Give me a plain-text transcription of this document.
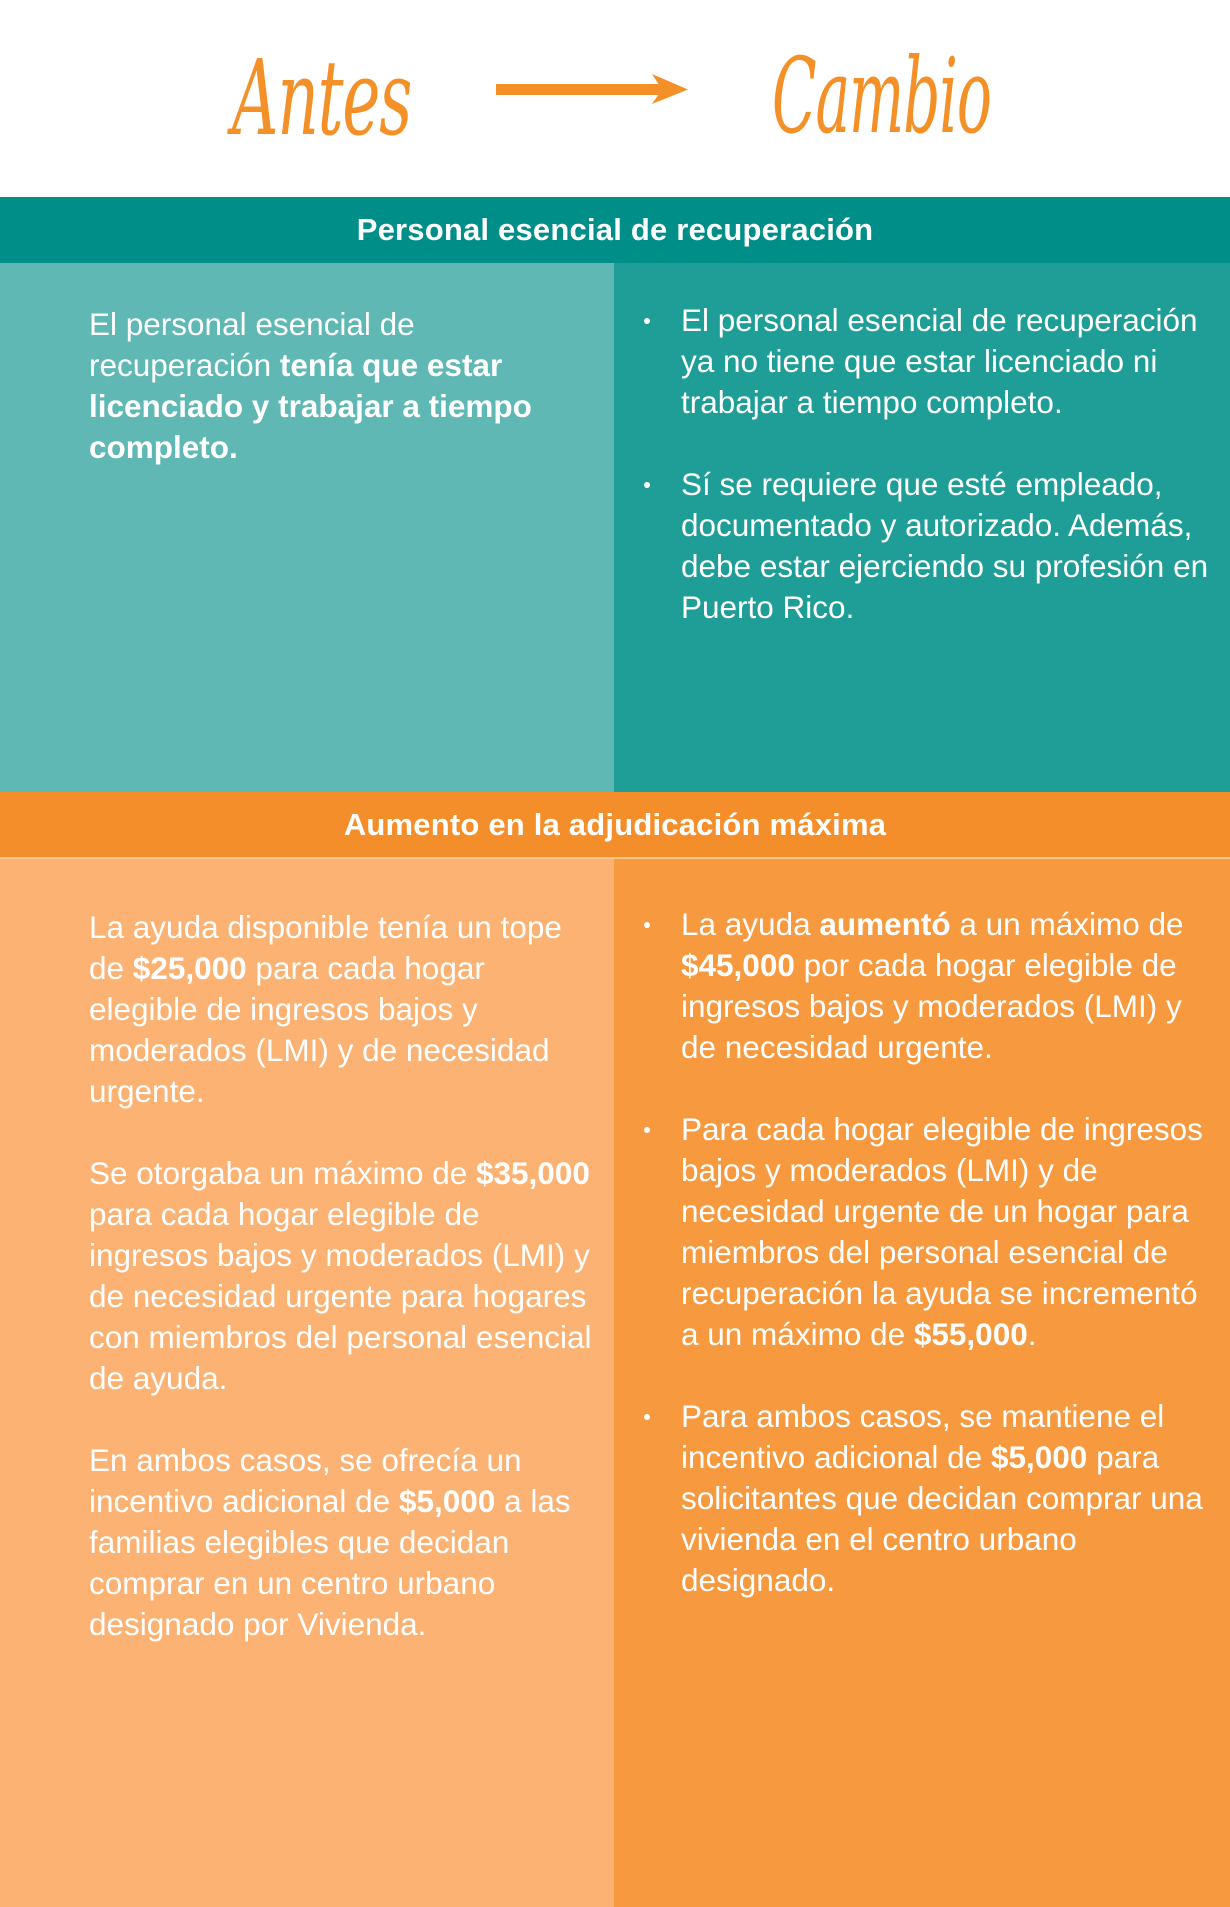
Antes	Cambio
Personal esencial de recuperación

El personal esencial de recuperación tenía que estar licenciado y trabajar a tiempo completo.

El personal esencial de recuperación ya no tiene que estar licenciado ni trabajar a tiempo completo.
Sí se requiere que esté empleado, documentado y autorizado. Además, debe estar ejerciendo su profesión en Puerto Rico.
Aumento en la adjudicación máxima

La ayuda disponible tenía un tope de $25,000 para cada hogar elegible de ingresos bajos y moderados (LMI) y de necesidad urgente.

Se otorgaba un máximo de $35,000 para cada hogar elegible de ingresos bajos y moderados (LMI) y de necesidad urgente para hogares con miembros del personal esencial de ayuda.

En ambos casos, se ofrecía un incentivo adicional de $5,000 a las familias elegibles que decidan comprar en un centro urbano designado por Vivienda.

La ayuda aumentó a un máximo de $45,000 por cada hogar elegible de ingresos bajos y moderados (LMI) y de necesidad urgente.
Para cada hogar elegible de ingresos bajos y moderados (LMI) y de necesidad urgente de un hogar para miembros del personal esencial de recuperación la ayuda se incrementó a un máximo de $55,000.
Para ambos casos, se mantiene el incentivo adicional de $5,000 para solicitantes que decidan comprar una vivienda en el centro urbano designado.
